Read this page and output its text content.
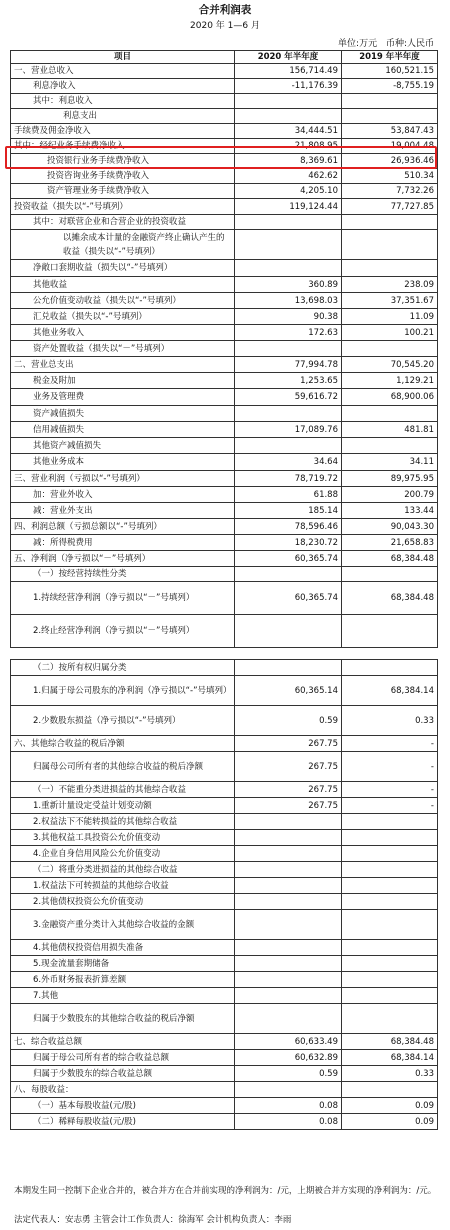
合并利润表
2020 年 1—6 月
单位:万元 币种:人民币
项目	2020 年半年度	2019 年半年度
一、营业总收入	156,714.49	160,521.15
利息净收入	-11,176.39	-8,755.19
其中：利息收入		
利息支出		
手续费及佣金净收入	34,444.51	53,847.43
其中：经纪业务手续费净收入	21,808.95	19,004.48
投资银行业务手续费净收入	8,369.61	26,936.46
投资咨询业务手续费净收入	462.62	510.34
资产管理业务手续费净收入	4,205.10	7,732.26
投资收益（损失以“-”号填列）	119,124.44	77,727.85
其中：对联营企业和合营企业的投资收益		
以摊余成本计量的金融资产终止确认产生的收益（损失以“-”号填列）		
净敞口套期收益（损失以“-”号填列）		
其他收益	360.89	238.09
公允价值变动收益（损失以“-”号填列）	13,698.03	37,351.67
汇兑收益（损失以“-”号填列）	90.38	11.09
其他业务收入	172.63	100.21
资产处置收益（损失以“－”号填列）		
二、营业总支出	77,994.78	70,545.20
税金及附加	1,253.65	1,129.21
业务及管理费	59,616.72	68,900.06
资产减值损失		
信用减值损失	17,089.76	481.81
其他资产减值损失		
其他业务成本	34.64	34.11
三、营业利润（亏损以“-”号填列）	78,719.72	89,975.95
加：营业外收入	61.88	200.79
减：营业外支出	185.14	133.44
四、利润总额（亏损总额以“-”号填列）	78,596.46	90,043.30
减：所得税费用	18,230.72	21,658.83
五、净利润（净亏损以“－”号填列）	60,365.74	68,384.48
（一）按经营持续性分类		
1.持续经营净利润（净亏损以“－”号填列）	60,365.74	68,384.48
2.终止经营净利润（净亏损以“－”号填列）		

（二）按所有权归属分类		
1.归属于母公司股东的净利润（净亏损以“-”号填列）	60,365.14	68,384.14
2.少数股东损益（净亏损以“-”号填列）	0.59	0.33
六、其他综合收益的税后净额	267.75	-
归属母公司所有者的其他综合收益的税后净额	267.75	-
（一）不能重分类进损益的其他综合收益	267.75	-
1.重新计量设定受益计划变动额	267.75	-
2.权益法下不能转损益的其他综合收益		
3.其他权益工具投资公允价值变动		
4.企业自身信用风险公允价值变动		
（二）将重分类进损益的其他综合收益		
1.权益法下可转损益的其他综合收益		
2.其他债权投资公允价值变动		
3.金融资产重分类计入其他综合收益的金额		
4.其他债权投资信用损失准备		
5.现金流量套期储备		
6.外币财务报表折算差额		
7.其他		
归属于少数股东的其他综合收益的税后净额		
七、综合收益总额	60,633.49	68,384.48
归属于母公司所有者的综合收益总额	60,632.89	68,384.14
归属于少数股东的综合收益总额	0.59	0.33
八、每股收益：		
（一）基本每股收益(元/股)	0.08	0.09
（二）稀释每股收益(元/股)	0.08	0.09
本期发生同一控制下企业合并的，被合并方在合并前实现的净利润为：/元，上期被合并方实现的净利润为：/元。
法定代表人：安志勇 主管会计工作负责人：徐海军 会计机构负责人：李雨
